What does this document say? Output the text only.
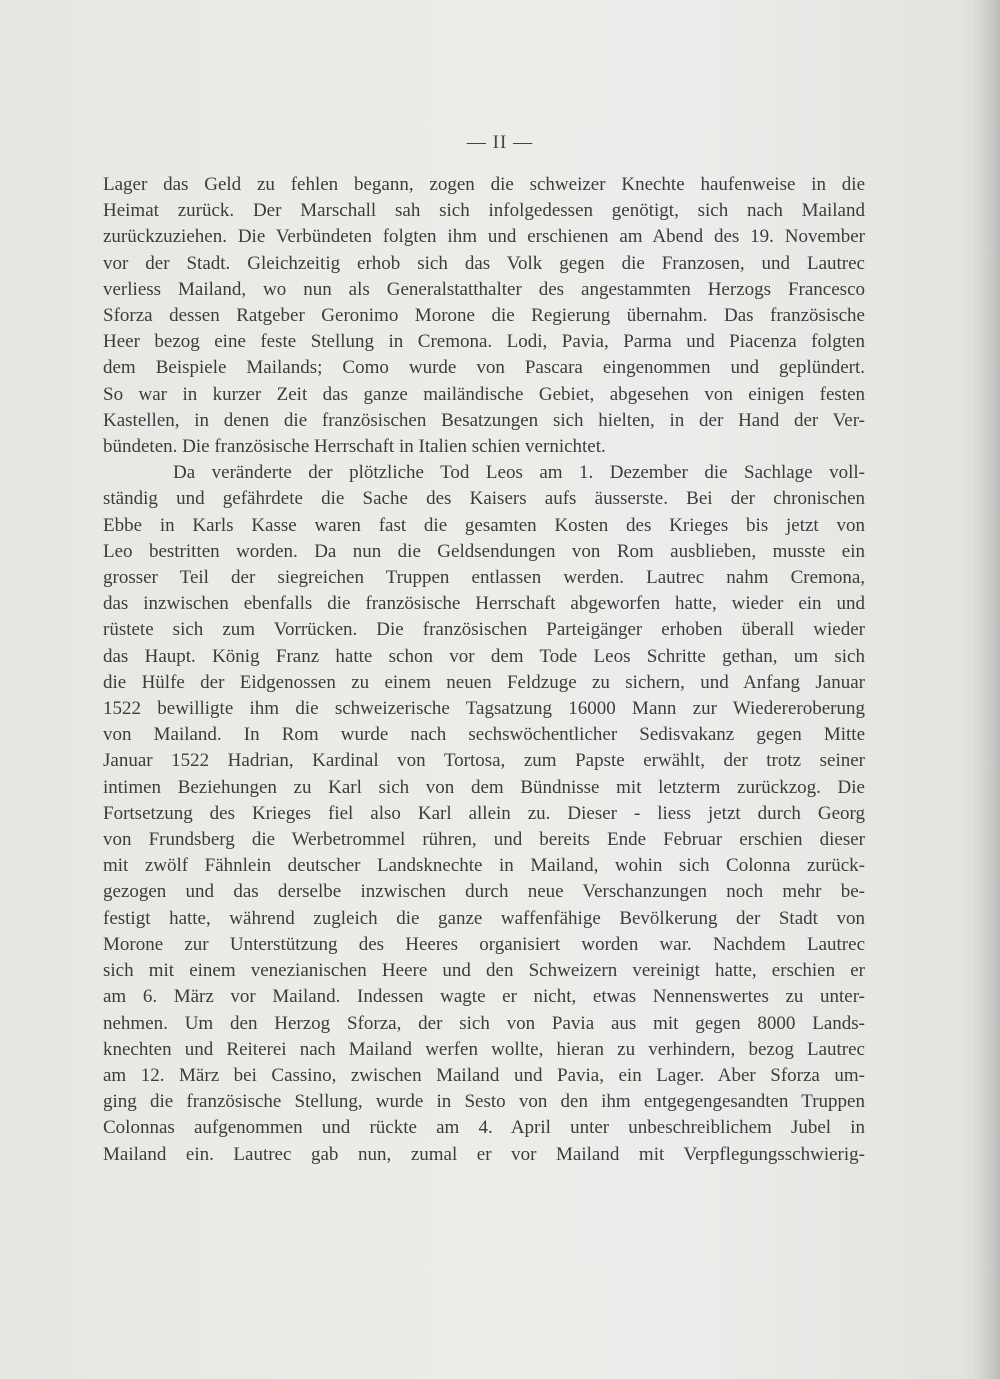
— II —
Lager das Geld zu fehlen begann, zogen die schweizer Knechte haufenweise in die
Heimat zurück. Der Marschall sah sich infolgedessen genötigt, sich nach Mailand
zurückzuziehen. Die Verbündeten folgten ihm und erschienen am Abend des 19. November
vor der Stadt. Gleichzeitig erhob sich das Volk gegen die Franzosen, und Lautrec
verliess Mailand, wo nun als Generalstatthalter des angestammten Herzogs Francesco
Sforza dessen Ratgeber Geronimo Morone die Regierung übernahm. Das französische
Heer bezog eine feste Stellung in Cremona. Lodi, Pavia, Parma und Piacenza folgten
dem Beispiele Mailands; Como wurde von Pascara eingenommen und geplündert.
So war in kurzer Zeit das ganze mailändische Gebiet, abgesehen von einigen festen
Kastellen, in denen die französischen Besatzungen sich hielten, in der Hand der Ver-
bündeten. Die französische Herrschaft in Italien schien vernichtet.
Da veränderte der plötzliche Tod Leos am 1. Dezember die Sachlage voll-
ständig und gefährdete die Sache des Kaisers aufs äusserste. Bei der chronischen
Ebbe in Karls Kasse waren fast die gesamten Kosten des Krieges bis jetzt von
Leo bestritten worden. Da nun die Geldsendungen von Rom ausblieben, musste ein
grosser Teil der siegreichen Truppen entlassen werden. Lautrec nahm Cremona,
das inzwischen ebenfalls die französische Herrschaft abgeworfen hatte, wieder ein und
rüstete sich zum Vorrücken. Die französischen Parteigänger erhoben überall wieder
das Haupt. König Franz hatte schon vor dem Tode Leos Schritte gethan, um sich
die Hülfe der Eidgenossen zu einem neuen Feldzuge zu sichern, und Anfang Januar
1522 bewilligte ihm die schweizerische Tagsatzung 16000 Mann zur Wiedereroberung
von Mailand. In Rom wurde nach sechswöchentlicher Sedisvakanz gegen Mitte
Januar 1522 Hadrian, Kardinal von Tortosa, zum Papste erwählt, der trotz seiner
intimen Beziehungen zu Karl sich von dem Bündnisse mit letzterm zurückzog. Die
Fortsetzung des Krieges fiel also Karl allein zu. Dieser - liess jetzt durch Georg
von Frundsberg die Werbetrommel rühren, und bereits Ende Februar erschien dieser
mit zwölf Fähnlein deutscher Landsknechte in Mailand, wohin sich Colonna zurück-
gezogen und das derselbe inzwischen durch neue Verschanzungen noch mehr be-
festigt hatte, während zugleich die ganze waffenfähige Bevölkerung der Stadt von
Morone zur Unterstützung des Heeres organisiert worden war. Nachdem Lautrec
sich mit einem venezianischen Heere und den Schweizern vereinigt hatte, erschien er
am 6. März vor Mailand. Indessen wagte er nicht, etwas Nennenswertes zu unter-
nehmen. Um den Herzog Sforza, der sich von Pavia aus mit gegen 8000 Lands-
knechten und Reiterei nach Mailand werfen wollte, hieran zu verhindern, bezog Lautrec
am 12. März bei Cassino, zwischen Mailand und Pavia, ein Lager. Aber Sforza um-
ging die französische Stellung, wurde in Sesto von den ihm entgegengesandten Truppen
Colonnas aufgenommen und rückte am 4. April unter unbeschreiblichem Jubel in
Mailand ein. Lautrec gab nun, zumal er vor Mailand mit Verpflegungsschwierig-
